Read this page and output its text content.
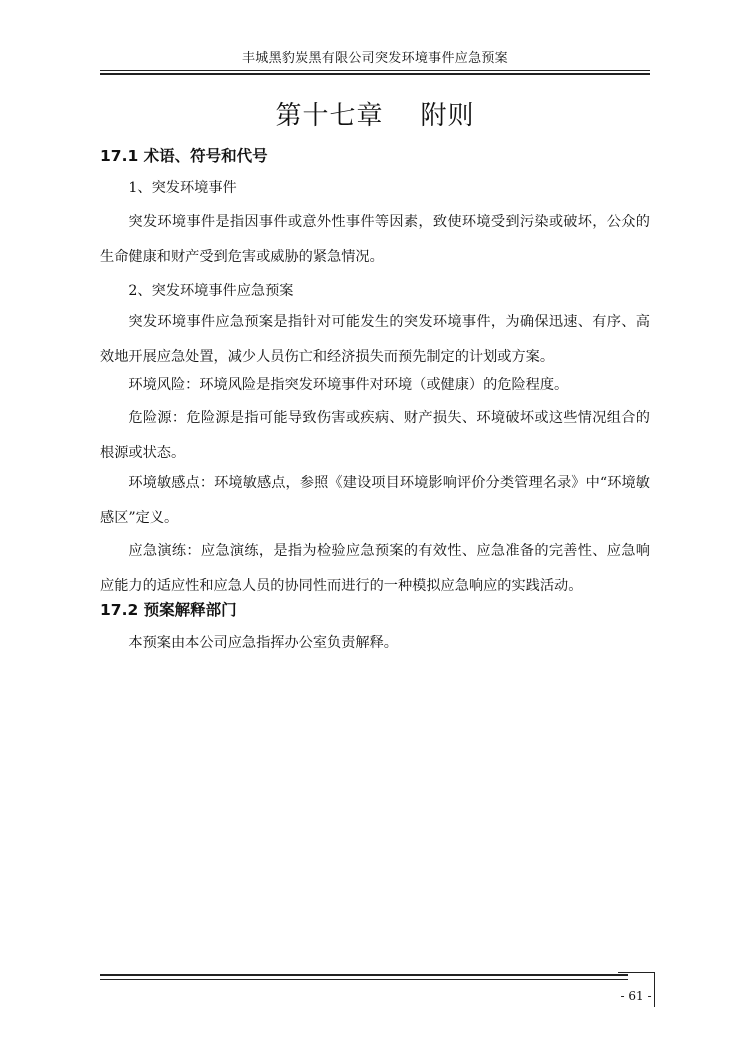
丰城黑豹炭黑有限公司突发环境事件应急预案
第十七章    附则
17.1 术语、符号和代号
1、突发环境事件
突发环境事件是指因事件或意外性事件等因素，致使环境受到污染或破坏，公众的生命健康和财产受到危害或威胁的紧急情况。
2、突发环境事件应急预案
突发环境事件应急预案是指针对可能发生的突发环境事件，为确保迅速、有序、高效地开展应急处置，减少人员伤亡和经济损失而预先制定的计划或方案。
环境风险：环境风险是指突发环境事件对环境（或健康）的危险程度。
危险源：危险源是指可能导致伤害或疾病、财产损失、环境破坏或这些情况组合的根源或状态。
环境敏感点：环境敏感点，参照《建设项目环境影响评价分类管理名录》中“环境敏感区”定义。
应急演练：应急演练，是指为检验应急预案的有效性、应急准备的完善性、应急响应能力的适应性和应急人员的协同性而进行的一种模拟应急响应的实践活动。
17.2 预案解释部门
本预案由本公司应急指挥办公室负责解释。
- 61 -
